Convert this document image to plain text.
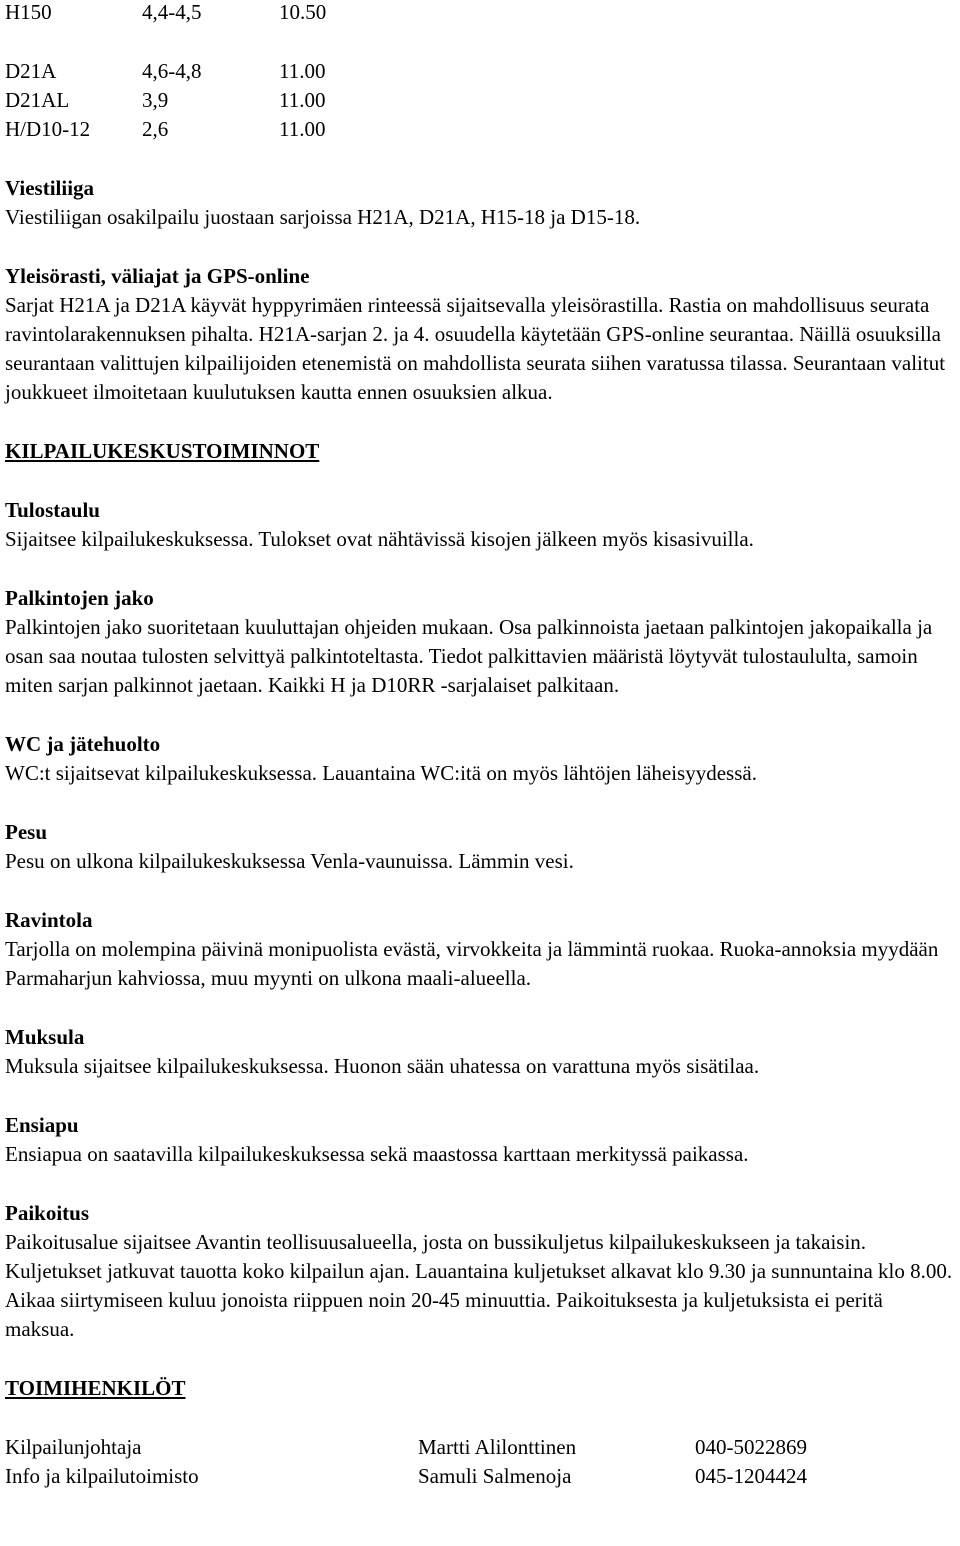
H150	4,4-4,5	10.50
D21A	4,6-4,8	11.00
D21AL	3,9	11.00
H/D10-12	2,6	11.00
Viestiliiga

Viestiliigan osakilpailu juostaan sarjoissa H21A, D21A, H15-18 ja D15-18.

Yleisörasti, väliajat ja GPS-online

Sarjat H21A ja D21A käyvät hyppyrimäen rinteessä sijaitsevalla yleisörastilla. Rastia on mahdollisuus seurata ravintolarakennuksen pihalta. H21A-sarjan 2. ja 4. osuudella käytetään GPS-online seurantaa. Näillä osuuksilla seurantaan valittujen kilpailijoiden etenemistä on mahdollista seurata siihen varatussa tilassa. Seurantaan valitut joukkueet ilmoitetaan kuulutuksen kautta ennen osuuksien alkua.

KILPAILUKESKUSTOIMINNOT
Tulostaulu

Sijaitsee kilpailukeskuksessa. Tulokset ovat nähtävissä kisojen jälkeen myös kisasivuilla.

Palkintojen jako

Palkintojen jako suoritetaan kuuluttajan ohjeiden mukaan. Osa palkinnoista jaetaan palkintojen jakopaikalla ja osan saa noutaa tulosten selvittyä palkintoteltasta. Tiedot palkittavien määristä löytyvät tulostaululta, samoin miten sarjan palkinnot jaetaan. Kaikki H ja D10RR -sarjalaiset palkitaan.

WC ja jätehuolto

WC:t sijaitsevat kilpailukeskuksessa. Lauantaina WC:itä on myös lähtöjen läheisyydessä.

Pesu

Pesu on ulkona kilpailukeskuksessa Venla-vaunuissa. Lämmin vesi.

Ravintola

Tarjolla on molempina päivinä monipuolista evästä, virvokkeita ja lämmintä ruokaa. Ruoka-annoksia myydään Parmaharjun kahviossa, muu myynti on ulkona maali-alueella.

Muksula

Muksula sijaitsee kilpailukeskuksessa. Huonon sään uhatessa on varattuna myös sisätilaa.

Ensiapu

Ensiapua on saatavilla kilpailukeskuksessa sekä maastossa karttaan merkityssä paikassa.

Paikoitus

Paikoitusalue sijaitsee Avantin teollisuusalueella, josta on bussikuljetus kilpailukeskukseen ja takaisin. Kuljetukset jatkuvat tauotta koko kilpailun ajan. Lauantaina kuljetukset alkavat klo 9.30 ja sunnuntaina klo 8.00. Aikaa siirtymiseen kuluu jonoista riippuen noin 20-45 minuuttia. Paikoituksesta ja kuljetuksista ei peritä maksua.

TOIMIHENKILÖT
Kilpailunjohtaja	Martti Alilonttinen	040-5022869
Info ja kilpailutoimisto	Samuli Salmenoja	045-1204424
